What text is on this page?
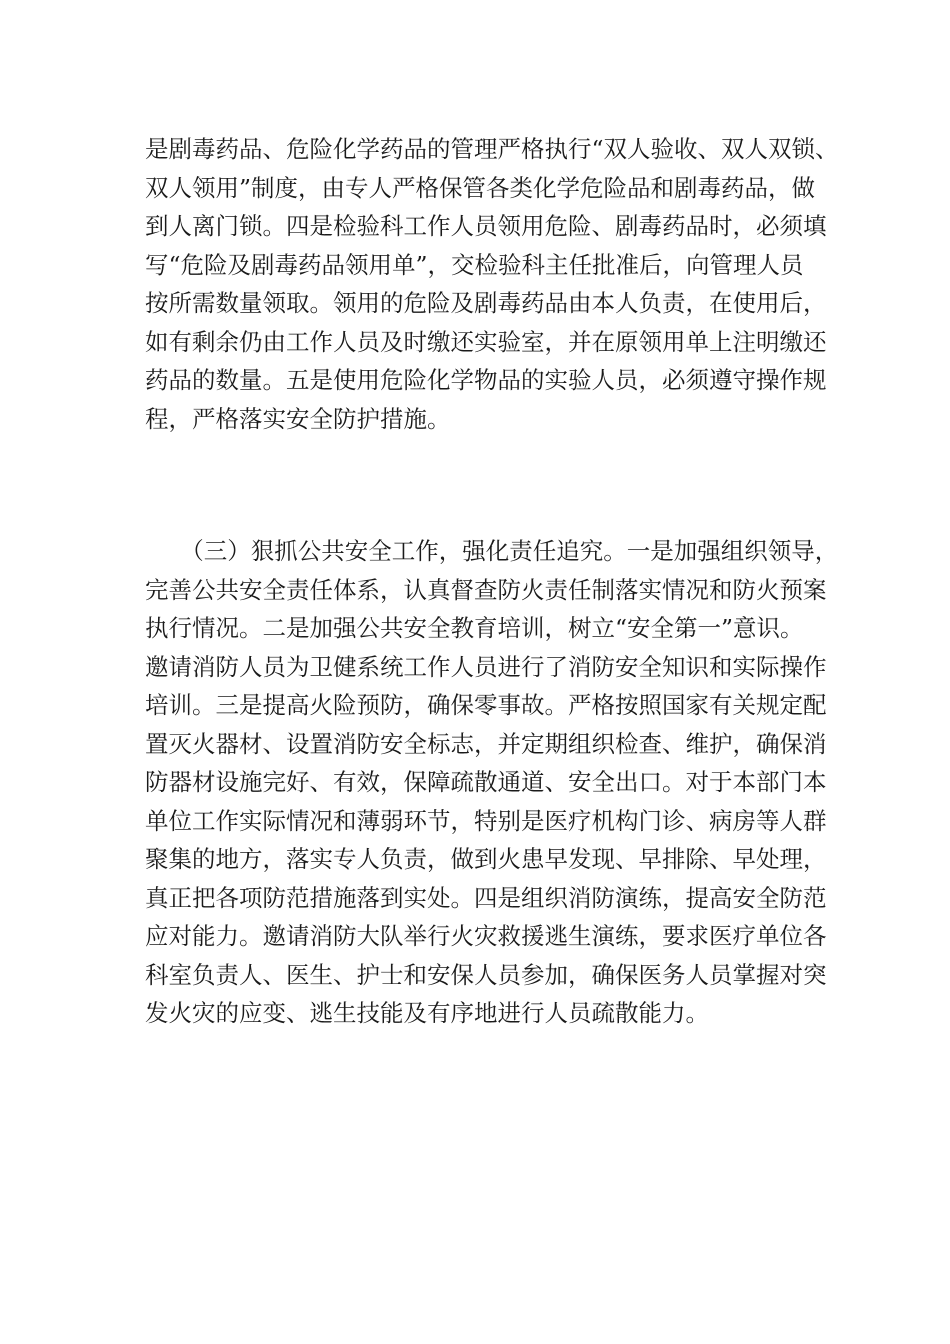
是剧毒药品、危险化学药品的管理严格执行“双人验收、双人双锁、
双人领用”制度，由专人严格保管各类化学危险品和剧毒药品，做
到人离门锁。四是检验科工作人员领用危险、剧毒药品时，必须填
写“危险及剧毒药品领用单”，交检验科主任批准后，向管理人员
按所需数量领取。领用的危险及剧毒药品由本人负责，在使用后，
如有剩余仍由工作人员及时缴还实验室，并在原领用单上注明缴还
药品的数量。五是使用危险化学物品的实验人员，必须遵守操作规
程，严格落实安全防护措施。
　　（三）狠抓公共安全工作，强化责任追究。一是加强组织领导，
完善公共安全责任体系，认真督查防火责任制落实情况和防火预案
执行情况。二是加强公共安全教育培训，树立“安全第一”意识。
邀请消防人员为卫健系统工作人员进行了消防安全知识和实际操作
培训。三是提高火险预防，确保零事故。严格按照国家有关规定配
置灭火器材、设置消防安全标志，并定期组织检查、维护，确保消
防器材设施完好、有效，保障疏散通道、安全出口。对于本部门本
单位工作实际情况和薄弱环节，特别是医疗机构门诊、病房等人群
聚集的地方，落实专人负责，做到火患早发现、早排除、早处理，
真正把各项防范措施落到实处。四是组织消防演练，提高安全防范
应对能力。邀请消防大队举行火灾救援逃生演练，要求医疗单位各
科室负责人、医生、护士和安保人员参加，确保医务人员掌握对突
发火灾的应变、逃生技能及有序地进行人员疏散能力。
